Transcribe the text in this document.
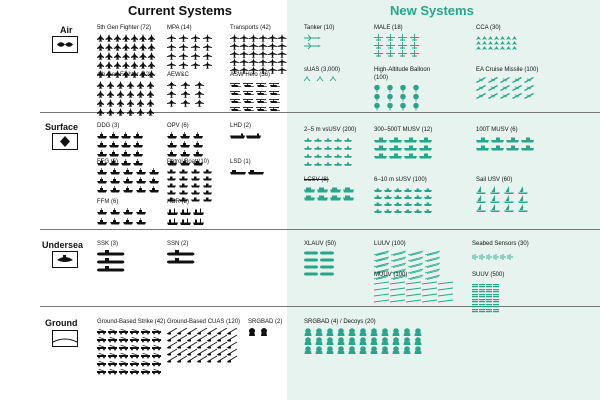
Current Systems	New Systems
Air
Surface
Undersea
Ground
5th Gen Fighter (72)	MPA (14)	Transports (42)
4th Gen Fighter (42)	AEW&C	ASW Helo (36)
Tanker (10)	MALE (18)	CCA (30)
sUAS (3,000)	High-Altitude Balloon (100)
EA Cruise Missile (100)
DDG (3)	OPV (6)	LHD (2)
FFG (6)	Patrol Boat (10)	LSD (1)
FFM (6)	AOR (2)
2–5 m vsUSV (200)	300–500T MUSV (12)	100T MUSV (6)
LCSV (8)	6–10 m sUSV (100)	Sail USV (60)
SSK (3)	SSN (2)	XLAUV (50)	LUUV (100)	Seabed Sensors (30)
MUUV (100)	SUUV (500)
Ground-Based Strike (42) Ground-Based CUAS (120) SRGBAD (2)	SRGBAD (4) / Decoys (20)
